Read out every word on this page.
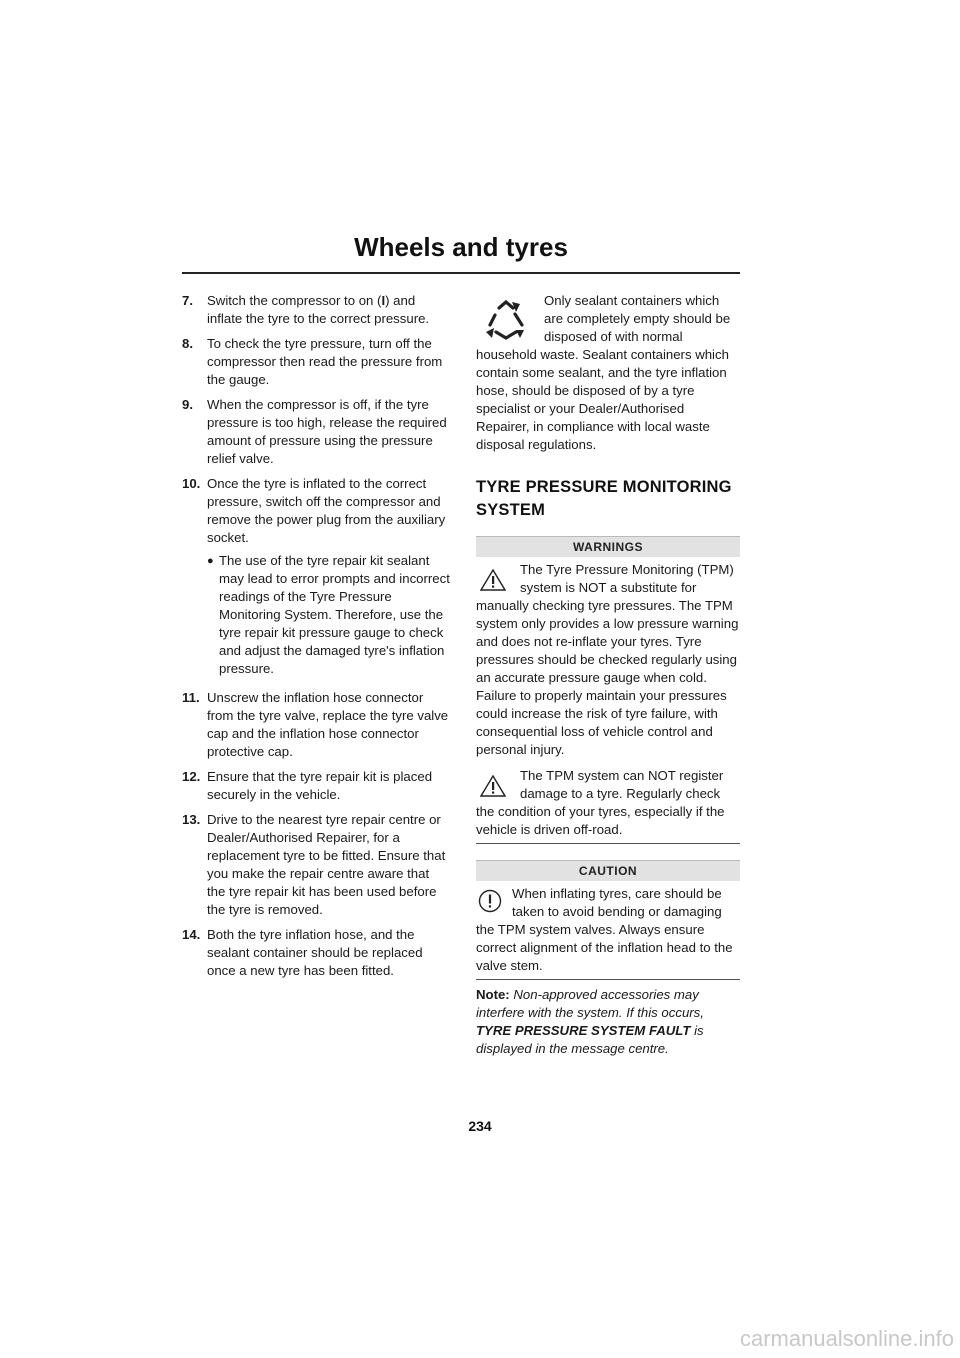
Wheels and tyres
7.	Switch the compressor to on (I) and inflate the tyre to the correct pressure.
8.	To check the tyre pressure, turn off the compressor then read the pressure from the gauge.
9.	When the compressor is off, if the tyre pressure is too high, release the required amount of pressure using the pressure relief valve.
10. Once the tyre is inflated to the correct pressure, switch off the compressor and remove the power plug from the auxiliary socket.
● The use of the tyre repair kit sealant may lead to error prompts and incorrect readings of the Tyre Pressure Monitoring System. Therefore, use the tyre repair kit pressure gauge to check and adjust the damaged tyre's inflation pressure.
11. Unscrew the inflation hose connector from the tyre valve, replace the tyre valve cap and the inflation hose connector protective cap.
12. Ensure that the tyre repair kit is placed securely in the vehicle.
13. Drive to the nearest tyre repair centre or Dealer/Authorised Repairer, for a replacement tyre to be fitted. Ensure that you make the repair centre aware that the tyre repair kit has been used before the tyre is removed.
14. Both the tyre inflation hose, and the sealant container should be replaced once a new tyre has been fitted.
Only sealant containers which are completely empty should be disposed of with normal household waste. Sealant containers which contain some sealant, and the tyre inflation hose, should be disposed of by a tyre specialist or your Dealer/Authorised Repairer, in compliance with local waste disposal regulations.
TYRE PRESSURE MONITORING SYSTEM
WARNINGS
The Tyre Pressure Monitoring (TPM) system is NOT a substitute for manually checking tyre pressures. The TPM system only provides a low pressure warning and does not re-inflate your tyres. Tyre pressures should be checked regularly using an accurate pressure gauge when cold. Failure to properly maintain your pressures could increase the risk of tyre failure, with consequential loss of vehicle control and personal injury.
The TPM system can NOT register damage to a tyre. Regularly check the condition of your tyres, especially if the vehicle is driven off-road.
CAUTION
When inflating tyres, care should be taken to avoid bending or damaging the TPM system valves. Always ensure correct alignment of the inflation head to the valve stem.
Note: Non-approved accessories may interfere with the system. If this occurs, TYRE PRESSURE SYSTEM FAULT is displayed in the message centre.
234
carmanualsonline.info
